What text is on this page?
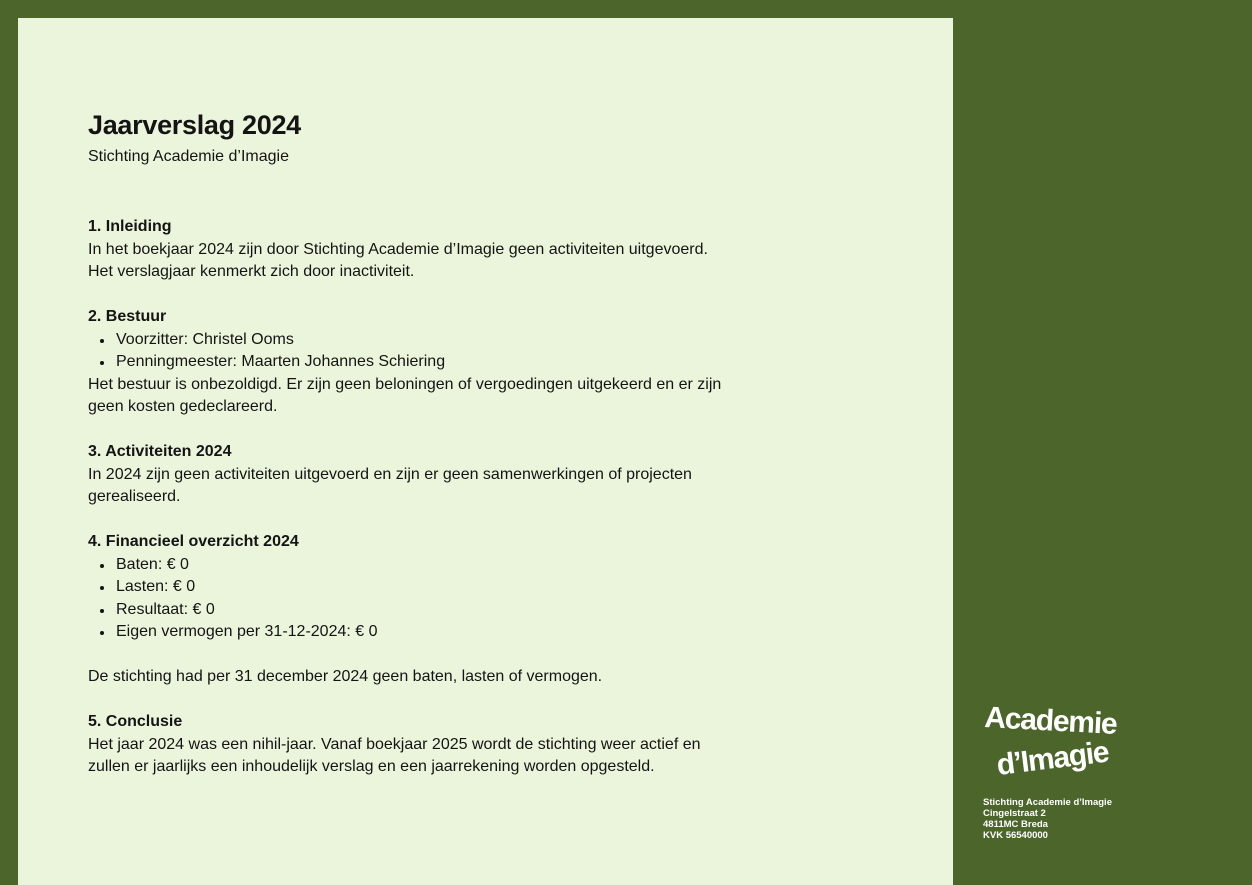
Jaarverslag 2024

Stichting Academie d’Imagie

1. Inleiding

In het boekjaar 2024 zijn door Stichting Academie d’Imagie geen activiteiten uitgevoerd.

Het verslagjaar kenmerkt zich door inactiviteit.

2. Bestuur

Voorzitter: Christel Ooms
Penningmeester: Maarten Johannes Schiering

Het bestuur is onbezoldigd. Er zijn geen beloningen of vergoedingen uitgekeerd en er zijn

geen kosten gedeclareerd.

3. Activiteiten 2024

In 2024 zijn geen activiteiten uitgevoerd en zijn er geen samenwerkingen of projecten

gerealiseerd.

4. Financieel overzicht 2024

Baten: € 0
Lasten: € 0
Resultaat: € 0
Eigen vermogen per 31-12-2024: € 0

De stichting had per 31 december 2024 geen baten, lasten of vermogen.

5. Conclusie

Het jaar 2024 was een nihil-jaar. Vanaf boekjaar 2025 wordt de stichting weer actief en

zullen er jaarlijks een inhoudelijk verslag en een jaarrekening worden opgesteld.

Academie
d’Imagie
Stichting Academie d’Imagie
Cingelstraat 2
4811MC Breda
KVK 56540000
